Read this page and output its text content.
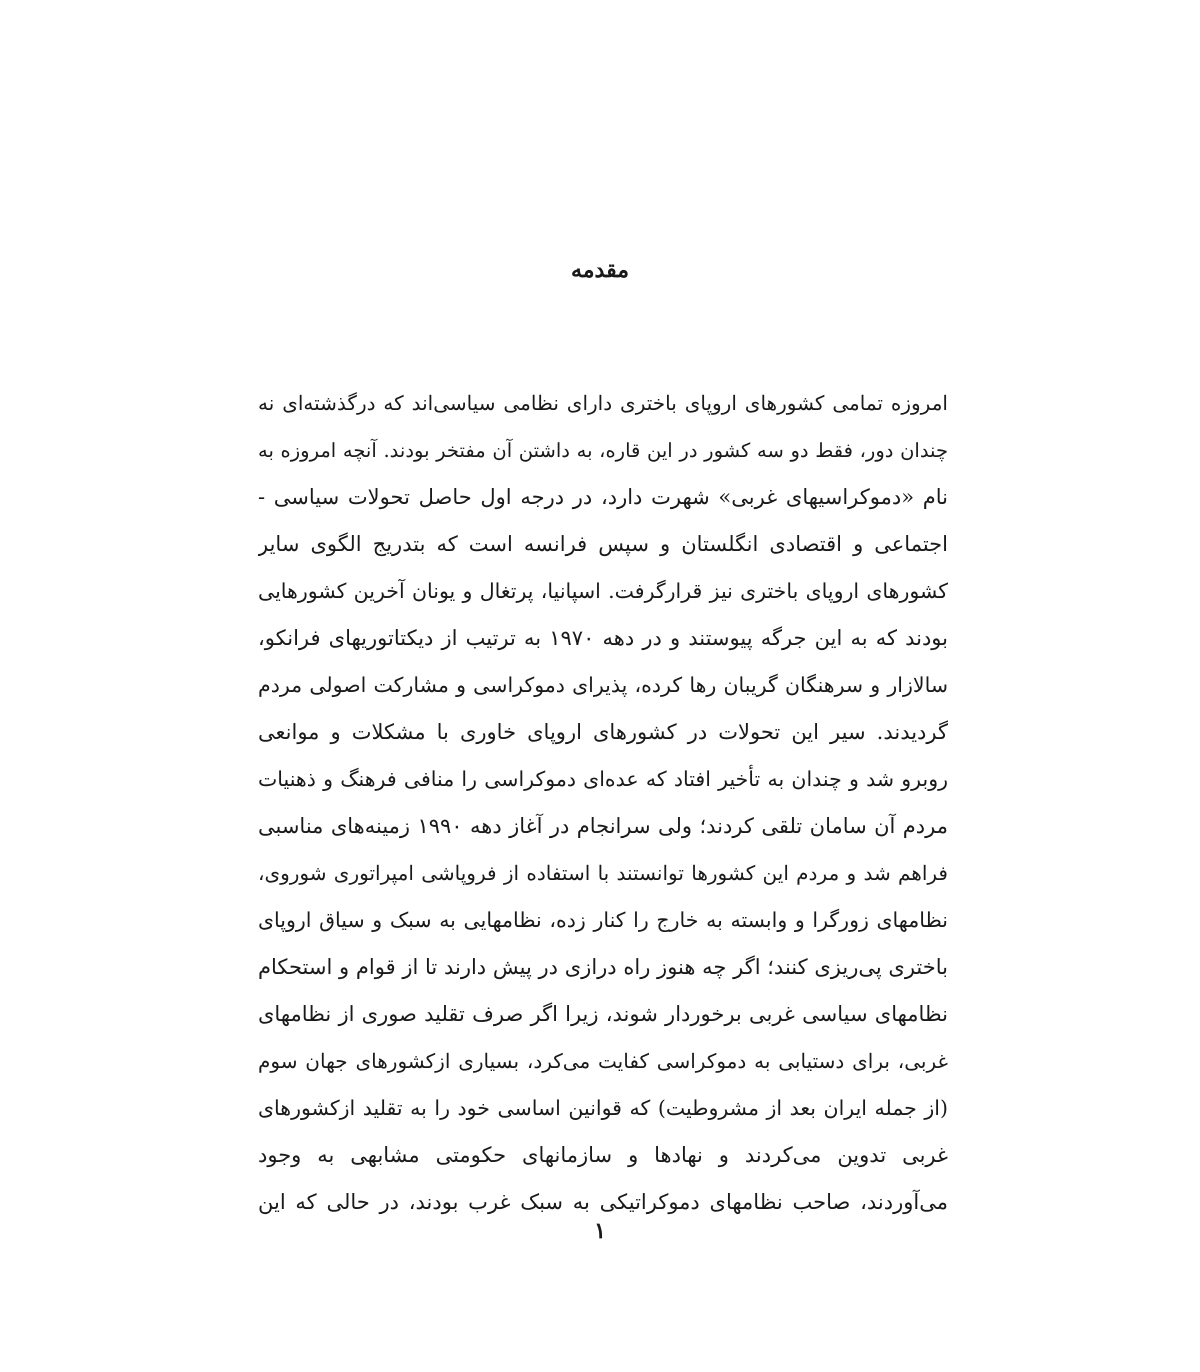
مقدمه
امروزه تمامی کشورهای اروپای باختری دارای نظامی سیاسی‌اند که درگذشته‌ای نه
چندان دور، فقط دو سه کشور در این قاره، به داشتن آن مفتخر بودند. آنچه امروزه به
نام «دموکراسیهای غربی» شهرت دارد، در درجه اول حاصل تحولات سیاسی -
اجتماعی و اقتصادی انگلستان و سپس فرانسه است که بتدریج الگوی سایر
کشورهای اروپای باختری نیز قرارگرفت. اسپانیا، پرتغال و یونان آخرین کشورهایی
بودند که به این جرگه پیوستند و در دهه ۱۹۷۰ به ترتیب از دیکتاتوریهای فرانکو،
سالازار و سرهنگان گریبان رها کرده، پذیرای دموکراسی و مشارکت اصولی مردم
گردیدند. سیر این تحولات در کشورهای اروپای خاوری با مشکلات و موانعی
روبرو شد و چندان به تأخیر افتاد که عده‌ای دموکراسی را منافی فرهنگ و ذهنیات
مردم آن سامان تلقی کردند؛ ولی سرانجام در آغاز دهه ۱۹۹۰ زمینه‌های مناسبی
فراهم شد و مردم این کشورها توانستند با استفاده از فروپاشی امپراتوری شوروی،
نظامهای زورگرا و وابسته به خارج را کنار زده، نظامهایی به سبک و سیاق اروپای
باختری پی‌ریزی کنند؛ اگر چه هنوز راه درازی در پیش دارند تا از قوام و استحکام
نظامهای سیاسی غربی برخوردار شوند، زیرا اگر صرف تقلید صوری از نظامهای
غربی، برای دستیابی به دموکراسی کفایت می‌کرد، بسیاری ازکشورهای جهان سوم
(از جمله ایران بعد از مشروطیت) که قوانین اساسی خود را به تقلید ازکشورهای
غربی تدوین می‌کردند و نهادها و سازمانهای حکومتی مشابهی به وجود
می‌آوردند، صاحب نظامهای دموکراتیکی به سبک غرب بودند، در حالی که این
۱
